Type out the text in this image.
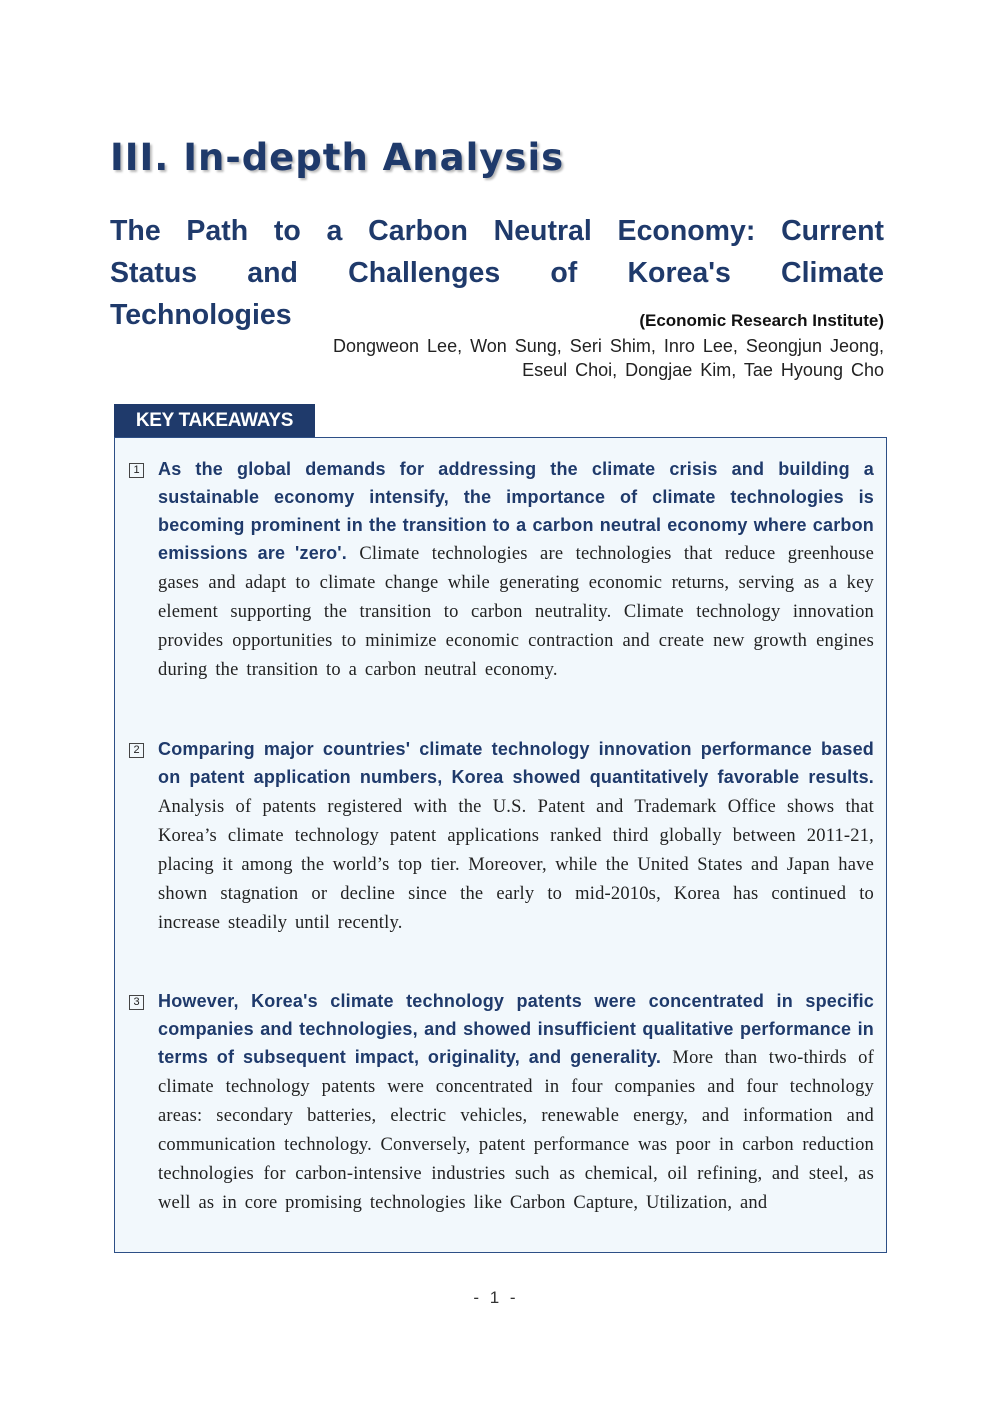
III. In-depth Analysis
The Path to a Carbon Neutral Economy: Current Status and Challenges of Korea's Climate Technologies	(Economic Research Institute)
Dongweon Lee, Won Sung, Seri Shim, Inro Lee, Seongjun Jeong,
Eseul Choi, Dongjae Kim, Tae Hyoung Cho
KEY TAKEAWAYS
1 As the global demands for addressing the climate crisis and building a sustainable economy intensify, the importance of climate technologies is becoming prominent in the transition to a carbon neutral economy where carbon emissions are 'zero'. Climate technologies are technologies that reduce greenhouse gases and adapt to climate change while generating economic returns, serving as a key element supporting the transition to carbon neutrality. Climate technology innovation provides opportunities to minimize economic contraction and create new growth engines during the transition to a carbon neutral economy.

2 Comparing major countries' climate technology innovation performance based on patent application numbers, Korea showed quantitatively favorable results. Analysis of patents registered with the U.S. Patent and Trademark Office shows that Korea’s climate technology patent applications ranked third globally between 2011-21, placing it among the world’s top tier. Moreover, while the United States and Japan have shown stagnation or decline since the early to mid-2010s, Korea has continued to increase steadily until recently.

3 However, Korea's climate technology patents were concentrated in specific companies and technologies, and showed insufficient qualitative performance in terms of subsequent impact, originality, and generality. More than two-thirds of climate technology patents were concentrated in four companies and four technology areas: secondary batteries, electric vehicles, renewable energy, and information and communication technology. Conversely, patent performance was poor in carbon reduction technologies for carbon-intensive industries such as chemical, oil refining, and steel, as well as in core promising technologies like Carbon Capture, Utilization, and

- 1 -
